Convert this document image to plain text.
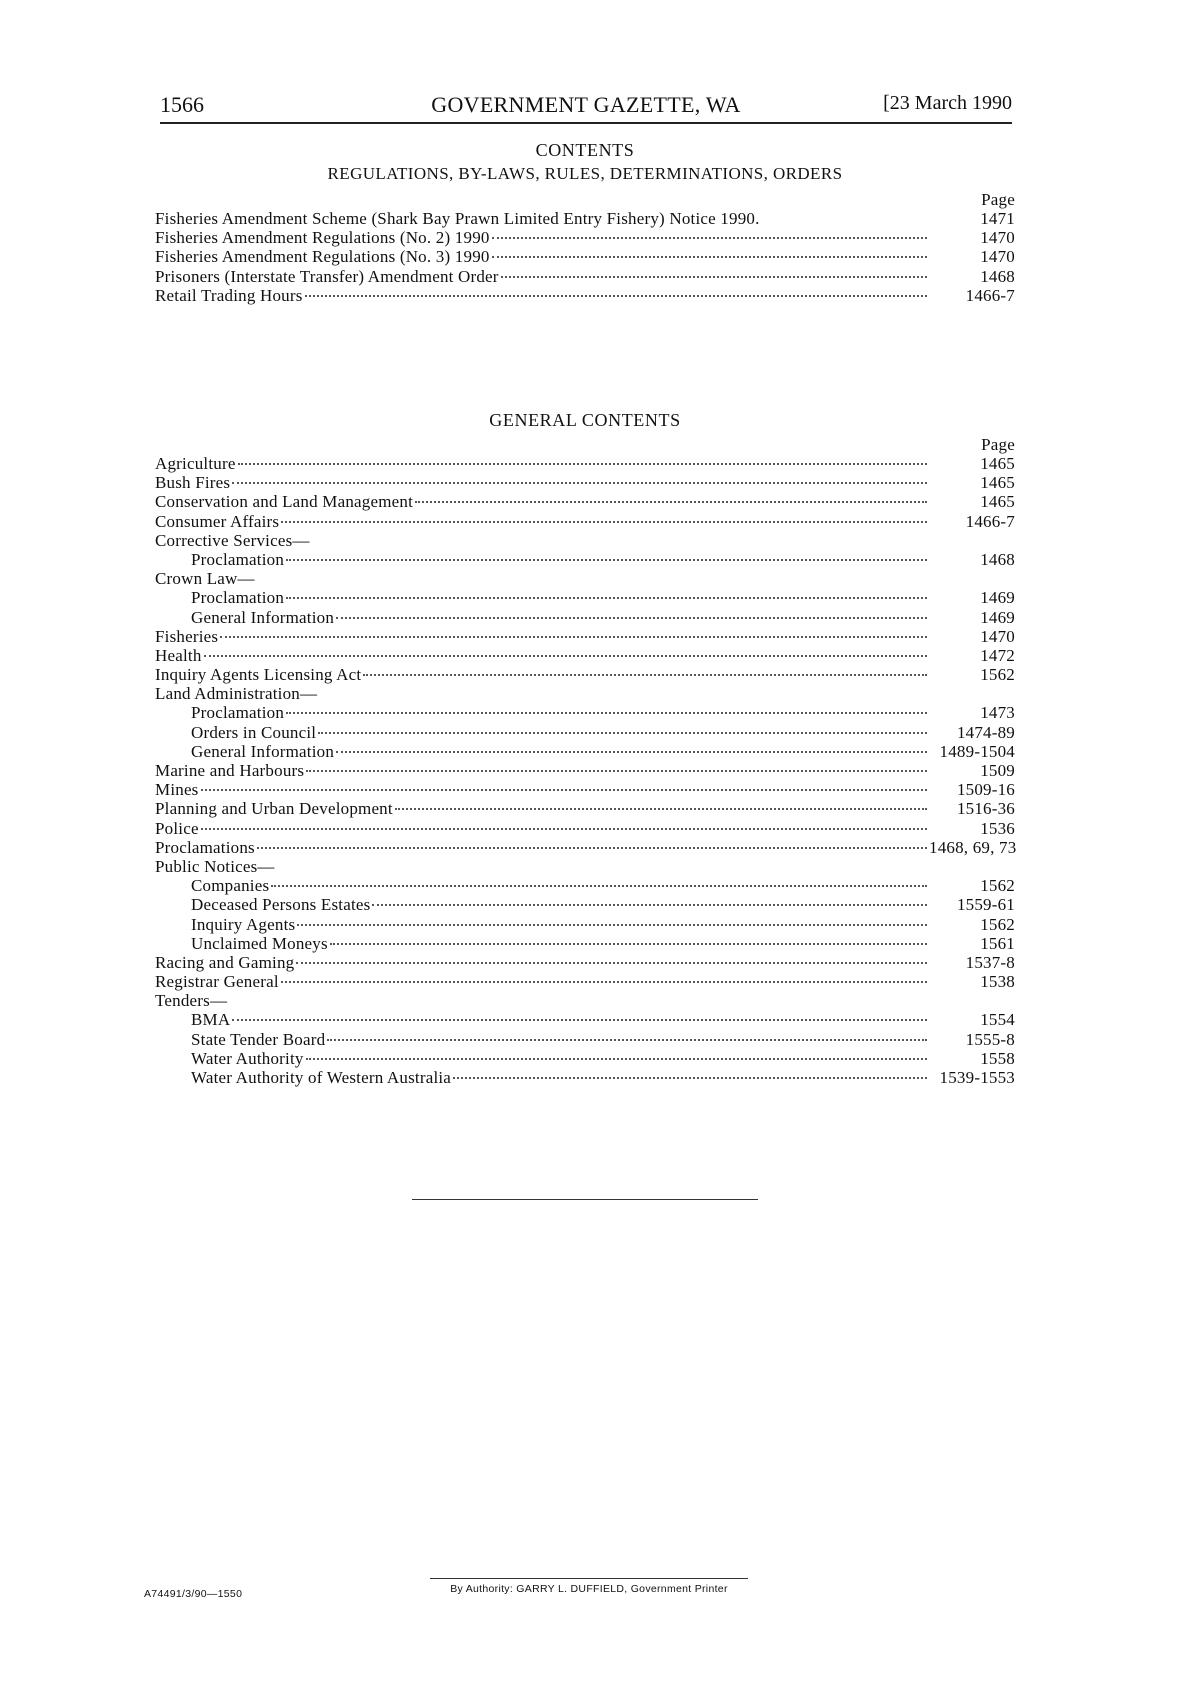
1566	GOVERNMENT GAZETTE, WA	[23 March 1990
CONTENTS
REGULATIONS, BY-LAWS, RULES, DETERMINATIONS, ORDERS
Page
Fisheries Amendment Scheme (Shark Bay Prawn Limited Entry Fishery) Notice 1990.	1471
Fisheries Amendment Regulations (No. 2) 1990	1470
Fisheries Amendment Regulations (No. 3) 1990	1470
Prisoners (Interstate Transfer) Amendment Order	1468
Retail Trading Hours	1466-7
GENERAL CONTENTS
Page
Agriculture	1465
Bush Fires	1465
Conservation and Land Management	1465
Consumer Affairs	1466-7
Corrective Services—
Proclamation	1468
Crown Law—
Proclamation	1469
General Information	1469
Fisheries	1470
Health	1472
Inquiry Agents Licensing Act	1562
Land Administration—
Proclamation	1473
Orders in Council	1474-89
General Information	1489-1504
Marine and Harbours	1509
Mines	1509-16
Planning and Urban Development	1516-36
Police	1536
Proclamations	1468, 69, 73
Public Notices—
Companies	1562
Deceased Persons Estates	1559-61
Inquiry Agents	1562
Unclaimed Moneys	1561
Racing and Gaming	1537-8
Registrar General	1538
Tenders—
BMA	1554
State Tender Board	1555-8
Water Authority	1558
Water Authority of Western Australia	1539-1553
A74491/3/90—1550	By Authority: GARRY L. DUFFIELD, Government Printer
